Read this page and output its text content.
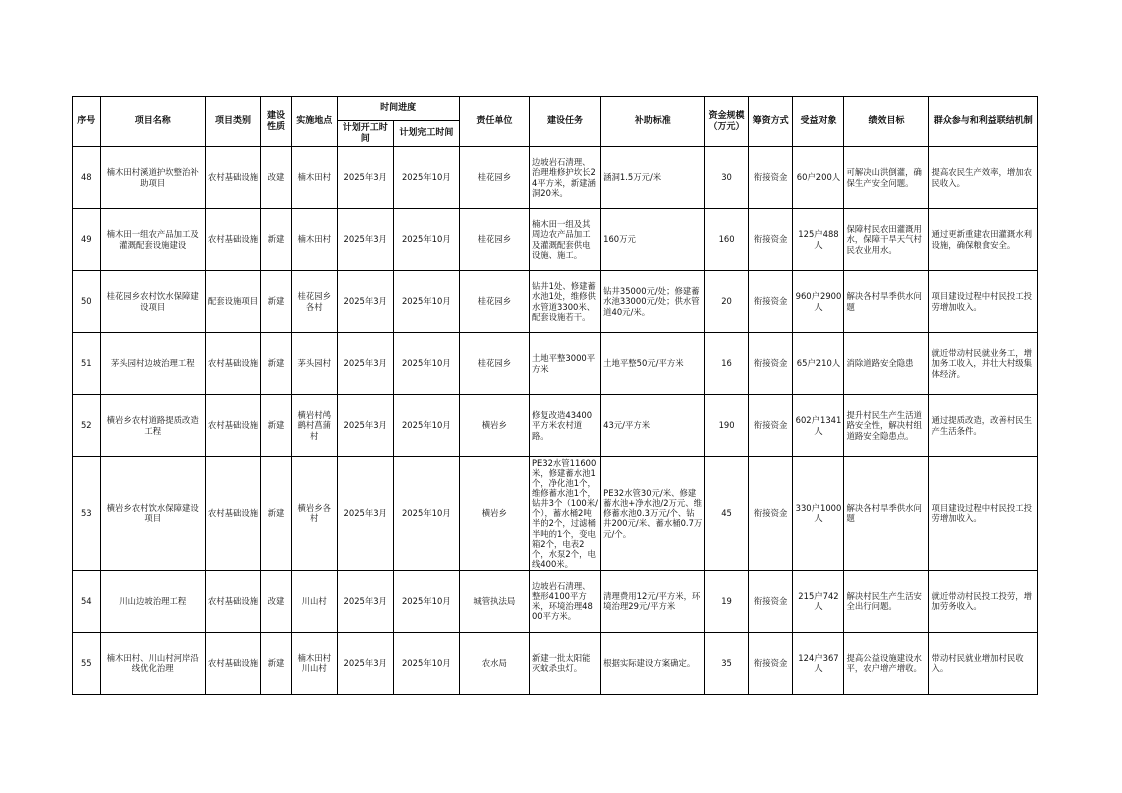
序号	项目名称	项目类别	建设性质	实施地点	时间进度		责任单位	建设任务	补助标准	资金规模（万元）	筹资方式	受益对象	绩效目标	群众参与和利益联结机制
					计划开工时间	计划完工时间								
48	楠木田村溪道护坎整治补助项目	农村基础设施	改建	楠木田村	2025年3月	2025年10月	桂花园乡	边坡岩石清理、治理堆修护坎长24平方米，新建涵洞20米。	涵洞1.5万元/米	30	衔接资金	60户200人	可解决山洪倒灌，确保生产安全问题。	提高农民生产效率，增加农民收入。
49	楠木田一组农产品加工及灌溉配套设施建设	农村基础设施	新建	楠木田村	2025年3月	2025年10月	桂花园乡	楠木田一组及其周边农产品加工及灌溉配套供电设施、施工。	160万元	160	衔接资金	125户488人	保障村民农田灌溉用水，保障干旱天气村民农业用水。	通过更新重建农田灌溉水利设施，确保粮食安全。
50	桂花园乡农村饮水保障建设项目	配套设施项目	新建	桂花园乡各村	2025年3月	2025年10月	桂花园乡	钻井1处、修建蓄水池1处，维修供水管道3300米、配套设施若干。	钻井35000元/处；修建蓄水池33000元/处；供水管道40元/米。	20	衔接资金	960户2900人	解决各村旱季供水问题	项目建设过程中村民投工投劳增加收入。
51	茅头园村边坡治理工程	农村基础设施	新建	茅头园村	2025年3月	2025年10月	桂花园乡	土地平整3000平方米	土地平整50元/平方米	16	衔接资金	65户210人	消除道路安全隐患	就近带动村民就业务工，增加务工收入，并壮大村级集体经济。
52	横岩乡农村道路提质改造工程	农村基础设施	新建	横岩村鸬鹚村菖蒲村	2025年3月	2025年10月	横岩乡	修复改造43400平方米农村道路。	43元/平方米	190	衔接资金	602户1341人	提升村民生产生活道路安全性，解决村组道路安全隐患点。	通过提质改造，改善村民生产生活条件。
53	横岩乡农村饮水保障建设项目	农村基础设施	新建	横岩乡各村	2025年3月	2025年10月	横岩乡	PE32水管11600米，修建蓄水池1个，净化池1个，维修蓄水池1个，钻井3个（100米/个），蓄水桶2吨半的2个，过滤桶半吨的1个，变电箱2个，电表2个，水泵2个，电线400米。	PE32水管30元/米、修建蓄水池+净水池/2万元、维修蓄水池0.3万元/个、钻井200元/米、蓄水桶0.7万元/个。	45	衔接资金	330户1000人	解决各村旱季供水问题	项目建设过程中村民投工投劳增加收入。
54	川山边坡治理工程	农村基础设施	改建	川山村	2025年3月	2025年10月	城管执法局	边坡岩石清理、整形4100平方米，环境治理4800平方米。	清理费用12元/平方米，环境治理29元/平方米	19	衔接资金	215户742人	解决村民生产生活安全出行问题。	就近带动村民投工投劳，增加劳务收入。
55	楠木田村、川山村河岸沿线优化治理	农村基础设施	新建	楠木田村川山村	2025年3月	2025年10月	农水局	新建一批太阳能灭蚊杀虫灯。	根据实际建设方案确定。	35	衔接资金	124户367人	提高公益设施建设水平，农户增产增收。	带动村民就业增加村民收入。
